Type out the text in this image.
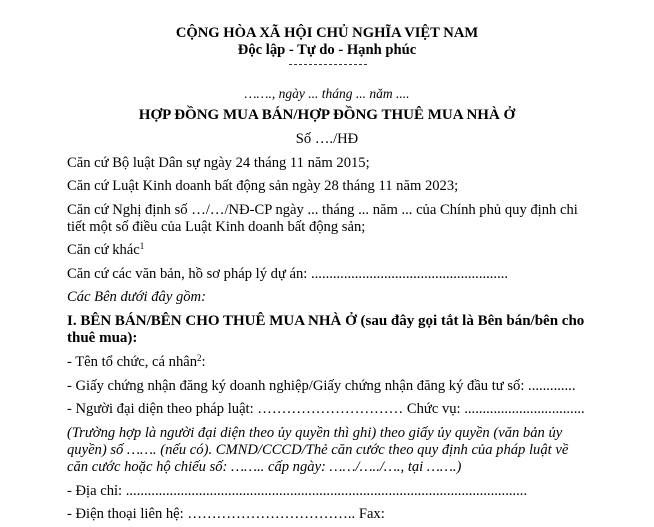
CỘNG HÒA XÃ HỘI CHỦ NGHĨA VIỆT NAM
Độc lập - Tự do - Hạnh phúc
……., ngày ... tháng ... năm ....
HỢP ĐỒNG MUA BÁN/HỢP ĐỒNG THUÊ MUA NHÀ Ở
Số …./HĐ
Căn cứ Bộ luật Dân sự ngày 24 tháng 11 năm 2015;
Căn cứ Luật Kinh doanh bất động sản ngày 28 tháng 11 năm 2023;
Căn cứ Nghị định số …/…/NĐ-CP ngày ... tháng ... năm ... của Chính phủ quy định chi
tiết một số điều của Luật Kinh doanh bất động sản;
Căn cứ khác$^1$
Căn cứ các văn bản, hồ sơ pháp lý dự án: ......................................................
Các Bên dưới đây gồm:
I. BÊN BÁN/BÊN CHO THUÊ MUA NHÀ Ở (sau đây gọi tắt là Bên bán/bên cho
thuê mua):
- Tên tổ chức, cá nhân$^2$:
- Giấy chứng nhận đăng ký doanh nghiệp/Giấy chứng nhận đăng ký đầu tư số: .............
- Người đại diện theo pháp luật: ………………………… Chức vụ: .................................
(Trường hợp là người đại diện theo ủy quyền thì ghi) theo giấy ủy quyền (văn bản ủy
quyền) số ……. (nếu có). CMND/CCCD/Thẻ căn cước theo quy định của pháp luật về
căn cước hoặc hộ chiếu số: …….. cấp ngày: ……/…../…., tại …….)
- Địa chỉ: ..............................................................................................................
- Điện thoại liên hệ: …………………………….. Fax:
